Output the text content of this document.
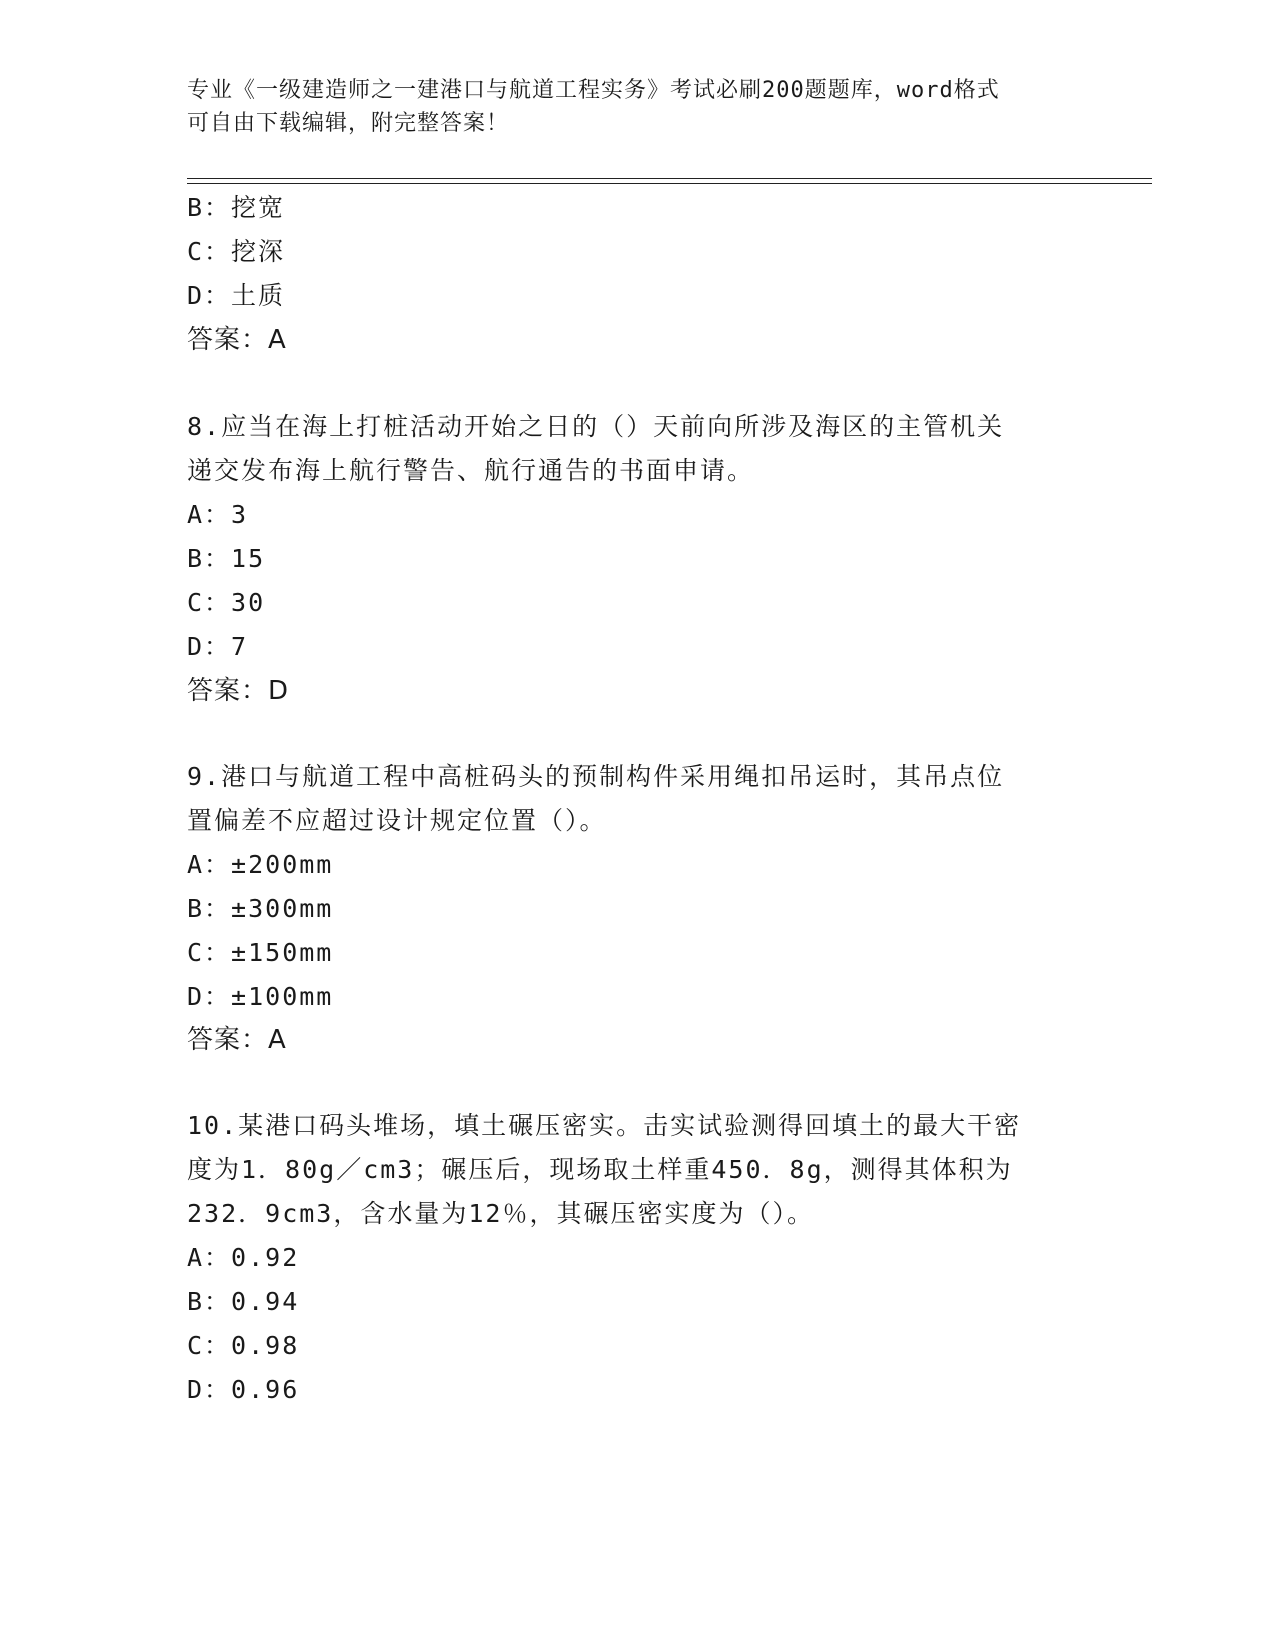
专业《一级建造师之一建港口与航道工程实务》考试必刷200题题库，word格式
可自由下载编辑，附完整答案！
B：挖宽
C：挖深
D：土质
答案：A
8.应当在海上打桩活动开始之日的（）天前向所涉及海区的主管机关
递交发布海上航行警告、航行通告的书面申请。
A：3
B：15
C：30
D：7
答案：D
9.港口与航道工程中高桩码头的预制构件采用绳扣吊运时，其吊点位
置偏差不应超过设计规定位置（）。
A：±200mm
B：±300mm
C：±150mm
D：±100mm
答案：A
10.某港口码头堆场，填土碾压密实。击实试验测得回填土的最大干密
度为1．80g／cm3；碾压后，现场取土样重450．8g，测得其体积为
232．9cm3，含水量为12％，其碾压密实度为（）。
A：0.92
B：0.94
C：0.98
D：0.96
